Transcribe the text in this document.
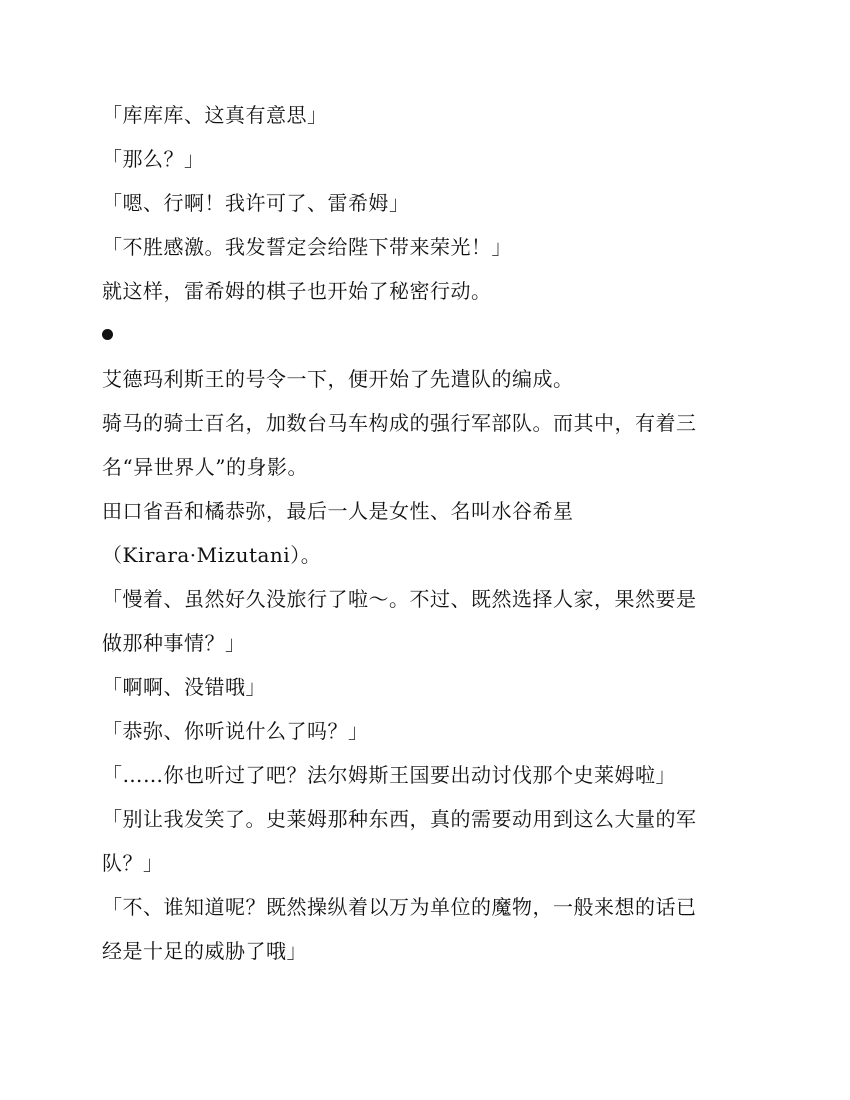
「库库库、这真有意思」

「那么？」

「嗯、行啊！我许可了、雷希姆」

「不胜感激。我发誓定会给陛下带来荣光！」

就这样，雷希姆的棋子也开始了秘密行动。

艾德玛利斯王的号令一下，便开始了先遣队的编成。

骑马的骑士百名，加数台马车构成的强行军部队。而其中，有着三

名“异世界人”的身影。

田口省吾和橘恭弥，最后一人是女性、名叫水谷希星

（Kirara·Mizutani）。

「慢着、虽然好久没旅行了啦～。不过、既然选择人家，果然要是

做那种事情？」

「啊啊、没错哦」

「恭弥、你听说什么了吗？」

「……你也听过了吧？法尔姆斯王国要出动讨伐那个史莱姆啦」

「别让我发笑了。史莱姆那种东西，真的需要动用到这么大量的军

队？」

「不、谁知道呢？既然操纵着以万为单位的魔物，一般来想的话已

经是十足的威胁了哦」
